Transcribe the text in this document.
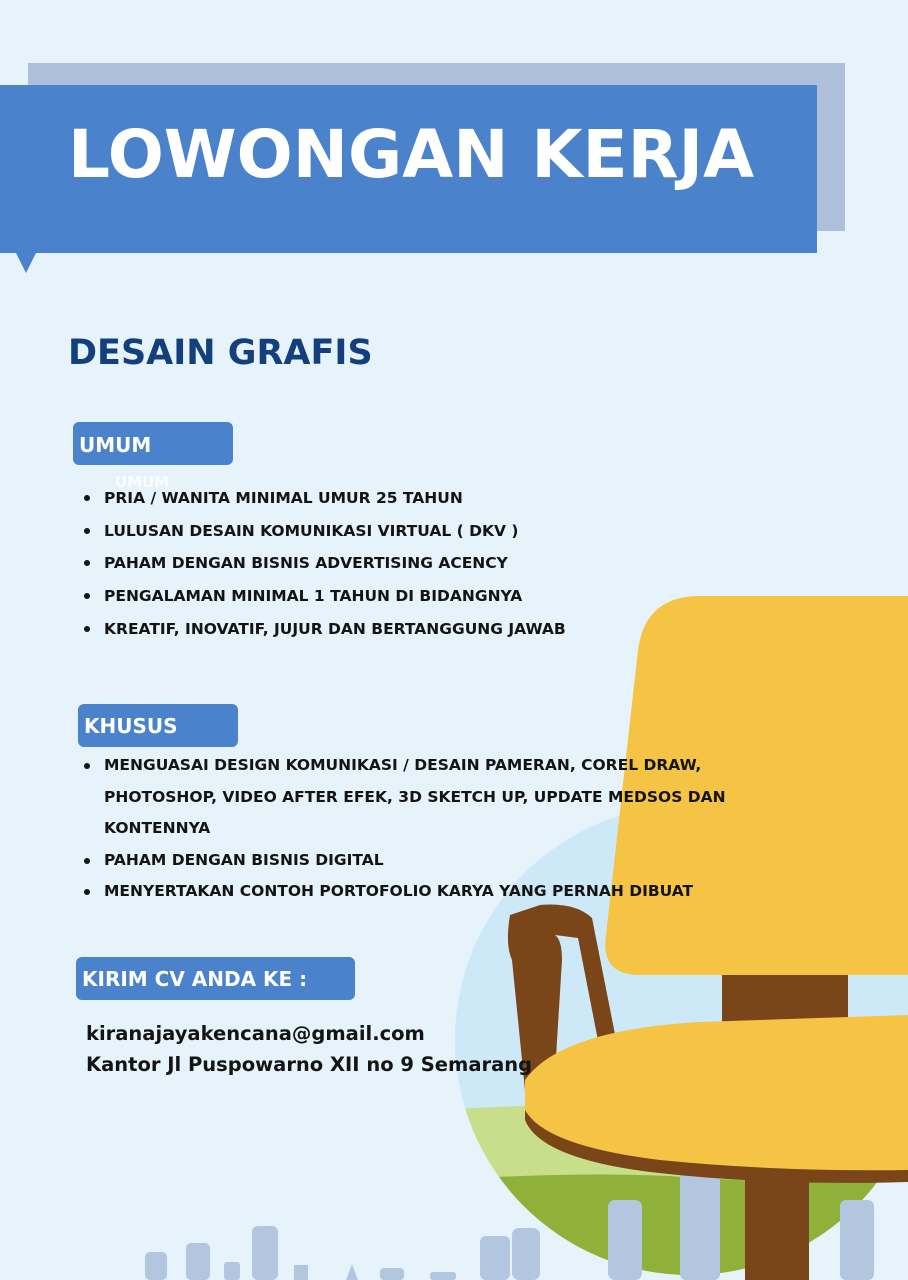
LOWONGAN KERJA
DESAIN GRAFIS
UMUM
UMUM
PRIA / WANITA MINIMAL UMUR 25 TAHUN
LULUSAN DESAIN KOMUNIKASI VIRTUAL ( DKV )
PAHAM DENGAN BISNIS ADVERTISING ACENCY
PENGALAMAN MINIMAL 1 TAHUN DI BIDANGNYA
KREATIF, INOVATIF, JUJUR DAN BERTANGGUNG JAWAB
KHUSUS
MENGUASAI DESIGN KOMUNIKASI / DESAIN PAMERAN, COREL DRAW, PHOTOSHOP, VIDEO AFTER EFEK, 3D SKETCH UP, UPDATE MEDSOS DAN KONTENNYA
PAHAM DENGAN BISNIS DIGITAL
MENYERTAKAN CONTOH PORTOFOLIO KARYA YANG PERNAH DIBUAT
KIRIM CV ANDA KE :
kiranajayakencana@gmail.com
Kantor Jl Puspowarno XII no 9 Semarang
